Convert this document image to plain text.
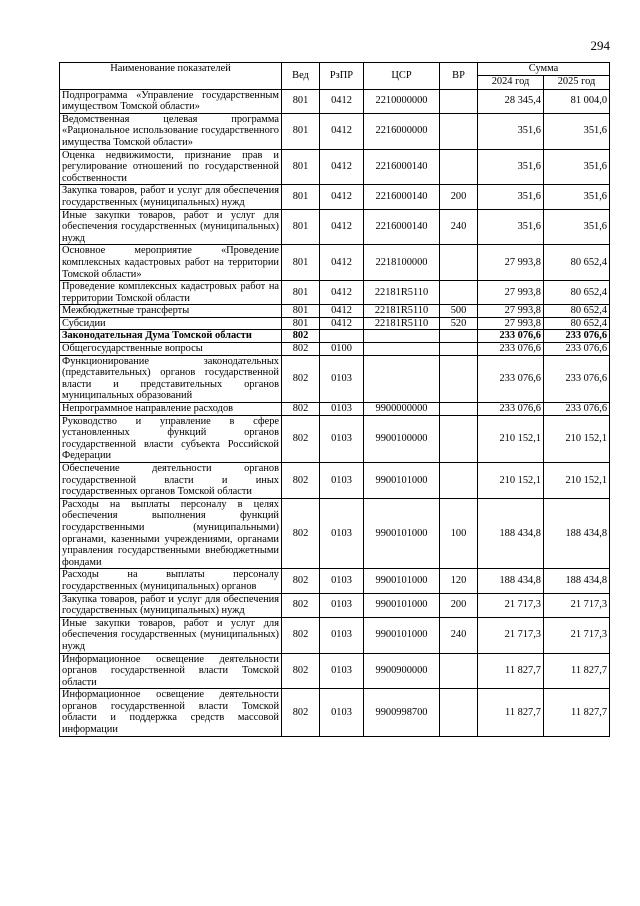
294
Наименование показателей	Вед	РзПР	ЦСР	ВР	Сумма	
					2024 год	2025 год
Подпрограмма «Управление государственным имуществом Томской области»	801	0412	2210000000		28 345,4	81 004,0
Ведомственная целевая программа «Рациональное использование государственного имущества Томской области»	801	0412	2216000000		351,6	351,6
Оценка недвижимости, признание прав и регулирование отношений по государственной собственности	801	0412	2216000140		351,6	351,6
Закупка товаров, работ и услуг для обеспечения государственных (муниципальных) нужд	801	0412	2216000140	200	351,6	351,6
Иные закупки товаров, работ и услуг для обеспечения государственных (муниципальных) нужд	801	0412	2216000140	240	351,6	351,6
Основное мероприятие «Проведение комплексных кадастровых работ на территории Томской области»	801	0412	2218100000		27 993,8	80 652,4
Проведение комплексных кадастровых работ на территории Томской области	801	0412	22181R5110		27 993,8	80 652,4
Межбюджетные трансферты	801	0412	22181R5110	500	27 993,8	80 652,4
Субсидии	801	0412	22181R5110	520	27 993,8	80 652,4
Законодательная Дума Томской области	802				233 076,6	233 076,6
Общегосударственные вопросы	802	0100			233 076,6	233 076,6
Функционирование законодательных (представительных) органов государственной власти и представительных органов муниципальных образований	802	0103			233 076,6	233 076,6
Непрограммное направление расходов	802	0103	9900000000		233 076,6	233 076,6
Руководство и управление в сфере установленных функций органов государственной власти субъекта Российской Федерации	802	0103	9900100000		210 152,1	210 152,1
Обеспечение деятельности органов государственной власти и иных государственных органов Томской области	802	0103	9900101000		210 152,1	210 152,1
Расходы на выплаты персоналу в целях обеспечения выполнения функций государственными (муниципальными) органами, казенными учреждениями, органами управления государственными внебюджетными фондами	802	0103	9900101000	100	188 434,8	188 434,8
Расходы на выплаты персоналу государственных (муниципальных) органов	802	0103	9900101000	120	188 434,8	188 434,8
Закупка товаров, работ и услуг для обеспечения государственных (муниципальных) нужд	802	0103	9900101000	200	21 717,3	21 717,3
Иные закупки товаров, работ и услуг для обеспечения государственных (муниципальных) нужд	802	0103	9900101000	240	21 717,3	21 717,3
Информационное освещение деятельности органов государственной власти Томской области	802	0103	9900900000		11 827,7	11 827,7
Информационное освещение деятельности органов государственной власти Томской области и поддержка средств массовой информации	802	0103	9900998700		11 827,7	11 827,7
